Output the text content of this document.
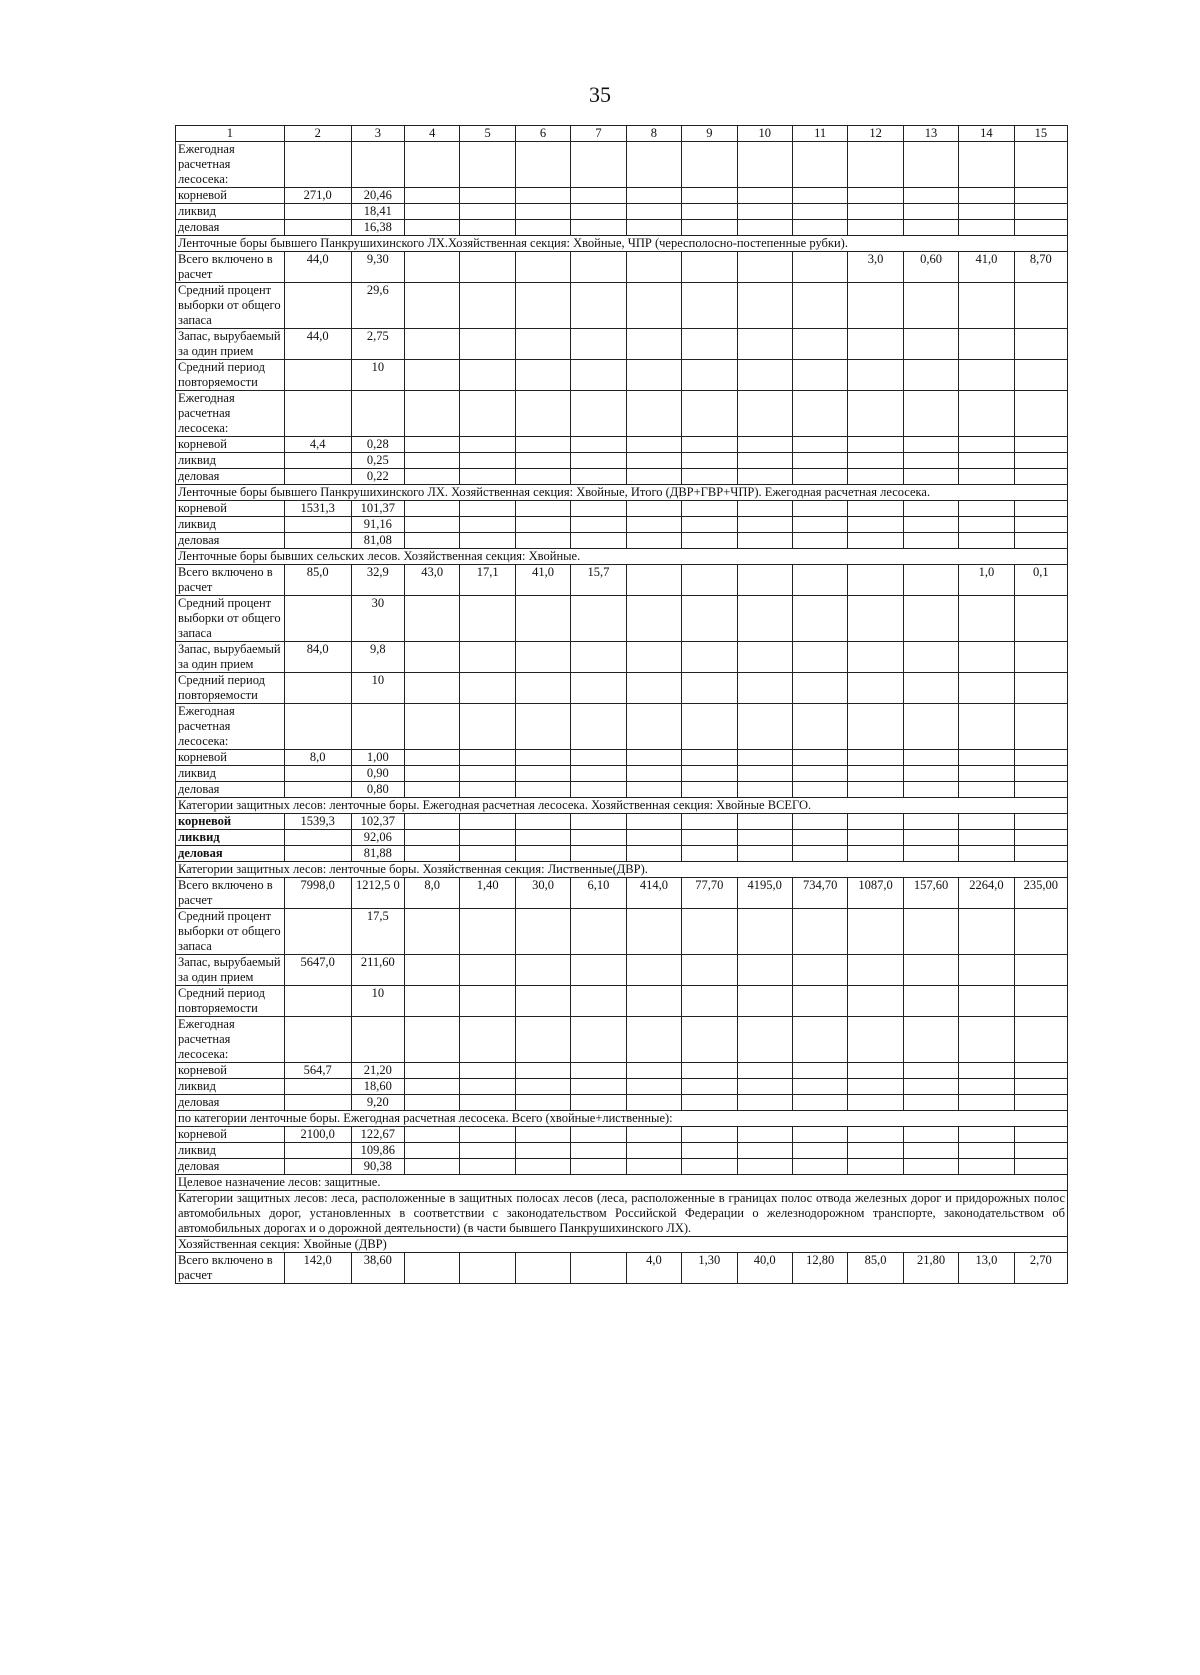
35
1	2	3	4	5	6	7	8	9	10	11	12	13	14	15
Ежегодная расчетная лесосека:														
корневой	271,0	20,46												
ликвид		18,41												
деловая		16,38												
Ленточные боры бывшего Панкрушихинского ЛХ.Хозяйственная секция: Хвойные, ЧПР (чересполосно-постепенные рубки).														
Всего включено в расчет	44,0	9,30									3,0	0,60	41,0	8,70
Средний процент выборки от общего запаса		29,6												
Запас, вырубаемый за один прием	44,0	2,75												
Средний период повторяемости		10												
Ежегодная расчетная лесосека:														
корневой	4,4	0,28												
ликвид		0,25												
деловая		0,22												
Ленточные боры бывшего Панкрушихинского ЛХ. Хозяйственная секция: Хвойные, Итого (ДВР+ГВР+ЧПР). Ежегодная расчетная лесосека.														
корневой	1531,3	101,37												
ликвид		91,16												
деловая		81,08												
Ленточные боры бывших сельских лесов. Хозяйственная секция: Хвойные.														
Всего включено в расчет	85,0	32,9	43,0	17,1	41,0	15,7							1,0	0,1
Средний процент выборки от общего запаса		30												
Запас, вырубаемый за один прием	84,0	9,8												
Средний период повторяемости		10												
Ежегодная расчетная лесосека:														
корневой	8,0	1,00												
ликвид		0,90												
деловая		0,80												
Категории защитных лесов: ленточные боры. Ежегодная расчетная лесосека. Хозяйственная секция: Хвойные ВСЕГО.														
корневой	1539,3	102,37												
ликвид		92,06												
деловая		81,88												
Категории защитных лесов: ленточные боры. Хозяйственная секция: Лиственные(ДВР).														
Всего включено в расчет	7998,0	1212,5 0	8,0	1,40	30,0	6,10	414,0	77,70	4195,0	734,70	1087,0	157,60	2264,0	235,00
Средний процент выборки от общего запаса		17,5												
Запас, вырубаемый за один прием	5647,0	211,60												
Средний период повторяемости		10												
Ежегодная расчетная лесосека:														
корневой	564,7	21,20												
ликвид		18,60												
деловая		9,20												
по категории ленточные боры. Ежегодная расчетная лесосека. Всего (хвойные+лиственные):														
корневой	2100,0	122,67												
ликвид		109,86												
деловая		90,38												
Целевое назначение лесов: защитные.														
Категории защитных лесов: леса, расположенные в защитных полосах лесов (леса, расположенные в границах полос отвода железных дорог и придорожных полос автомобильных дорог, установленных в соответствии с законодательством Российской Федерации о железнодорожном транспорте, законодательством об автомобильных дорогах и о дорожной деятельности) (в части бывшего Панкрушихинского ЛХ).														
Хозяйственная секция: Хвойные (ДВР)														
Всего включено в расчет	142,0	38,60					4,0	1,30	40,0	12,80	85,0	21,80	13,0	2,70
